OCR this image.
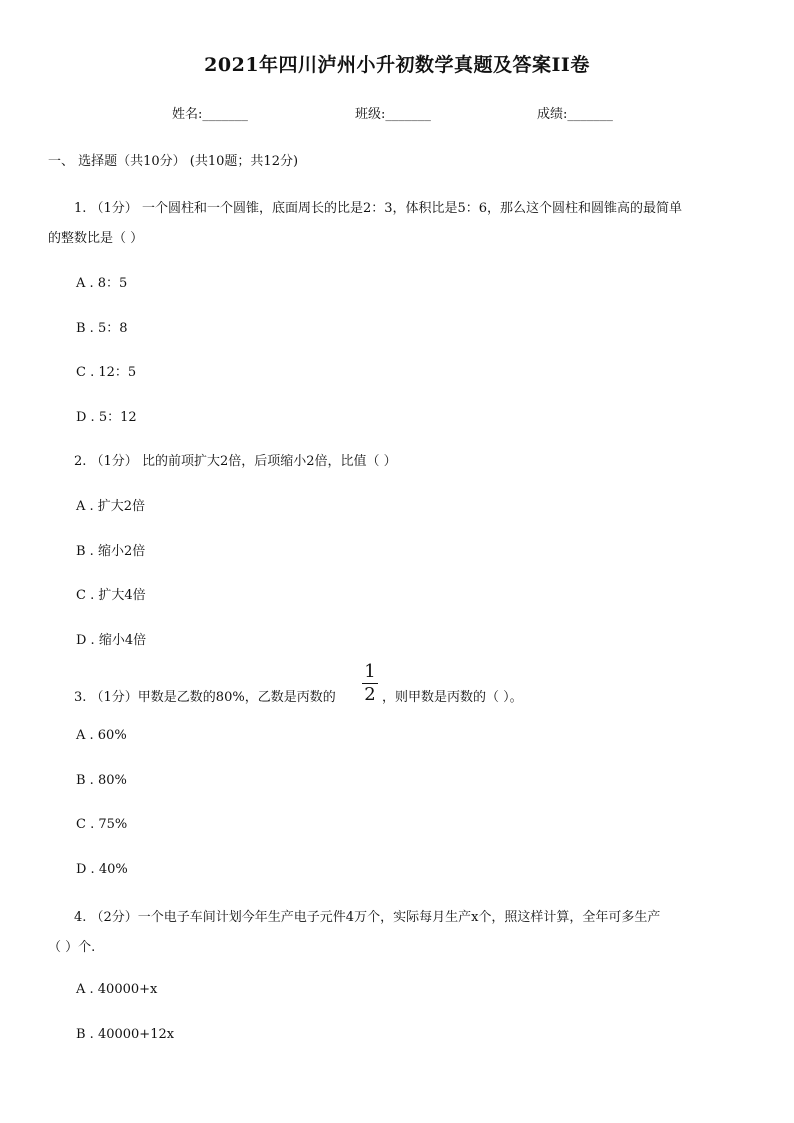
2021年四川泸州小升初数学真题及答案II卷
姓名:_______	班级:_______	成绩:_______
一、 选择题（共10分） (共10题；共12分)
1. （1分） 一个圆柱和一个圆锥，底面周长的比是2：3，体积比是5：6，那么这个圆柱和圆锥高的最简单
的整数比是（ ）
A . 8：5
B . 5：8
C . 12：5
D . 5：12
2. （1分） 比的前项扩大2倍，后项缩小2倍，比值（ ）
A . 扩大2倍
B . 缩小2倍
C . 扩大4倍
D . 缩小4倍
3. （1分）甲数是乙数的80%，乙数是丙数的
1
2 ，则甲数是丙数的（ ）。
A . 60%
B . 80%
C . 75%
D . 40%
4. （2分）一个电子车间计划今年生产电子元件4万个，实际每月生产x个，照这样计算，全年可多生产
（ ）个.
A . 40000+x
B . 40000+12x
